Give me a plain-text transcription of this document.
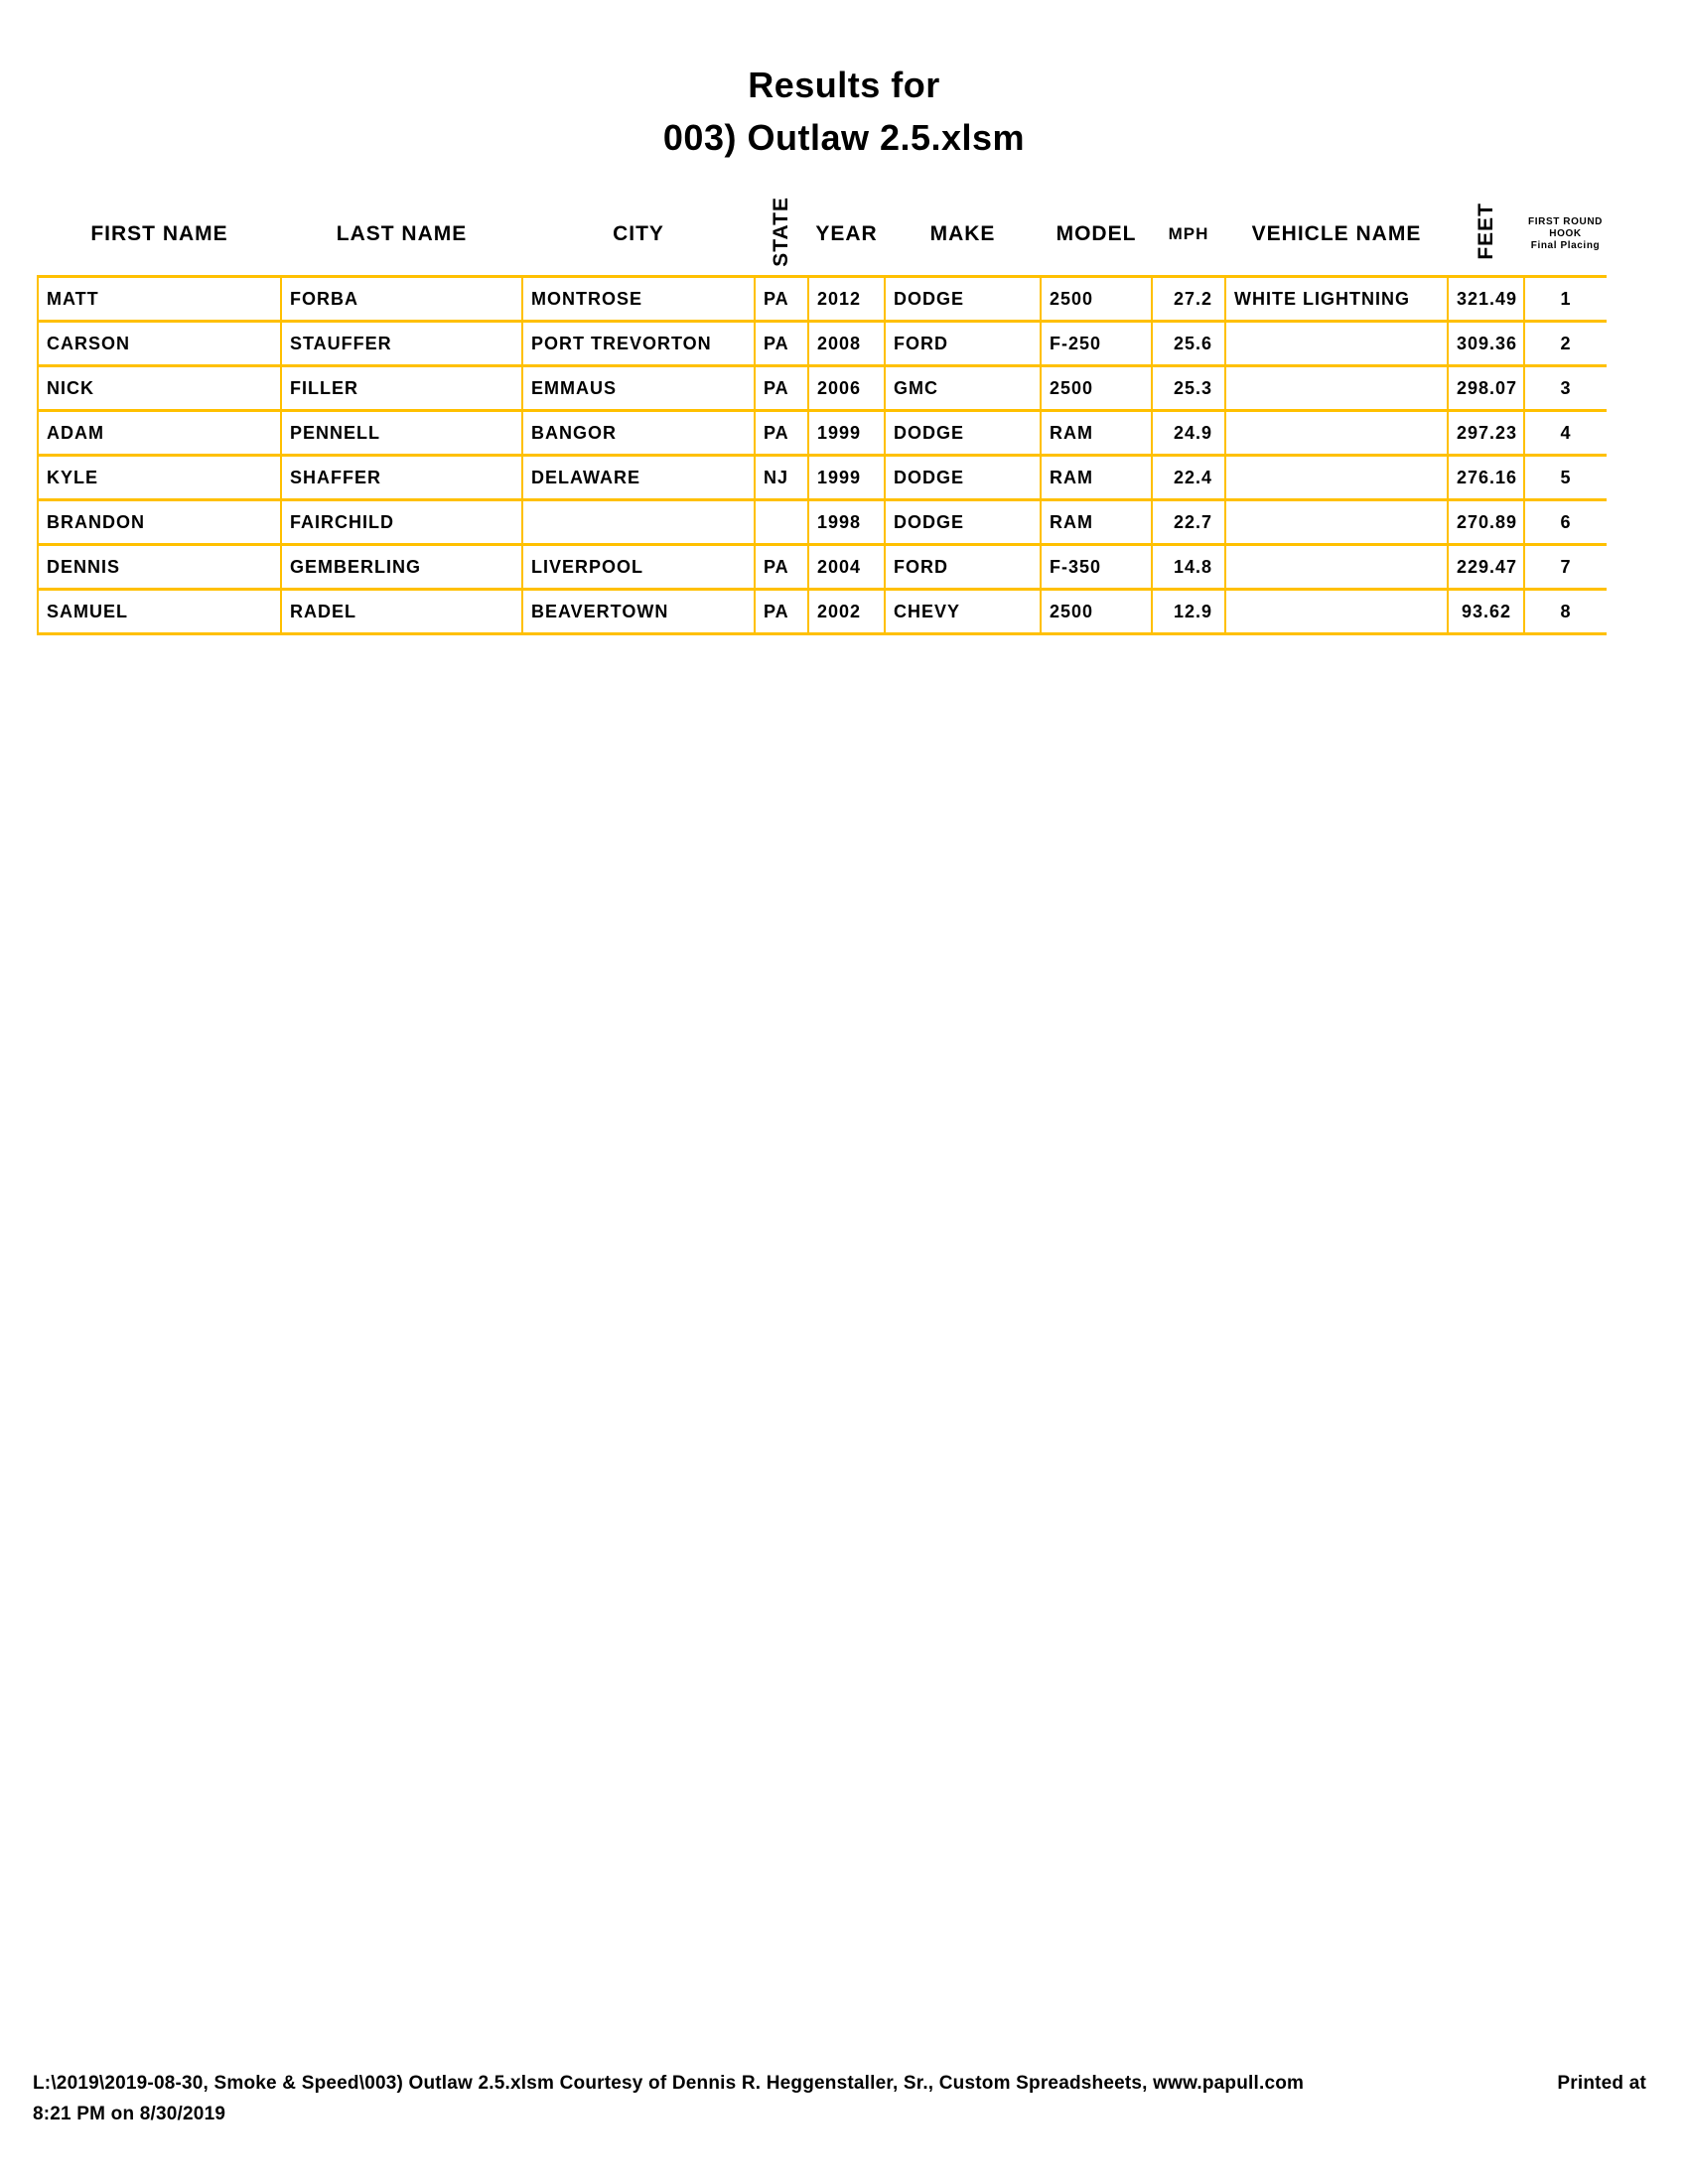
Results for
003) Outlaw 2.5.xlsm
FIRST NAME	LAST NAME	CITY	STATE	YEAR	MAKE	MODEL	MPH	VEHICLE NAME	FEET	FIRST ROUND
HOOK
Final Placing

MATT	FORBA	MONTROSE	PA	2012	DODGE	2500	27.2	WHITE LIGHTNING	321.49	1
CARSON	STAUFFER	PORT TREVORTON	PA	2008	FORD	F-250	25.6		309.36	2
NICK	FILLER	EMMAUS	PA	2006	GMC	2500	25.3		298.07	3
ADAM	PENNELL	BANGOR	PA	1999	DODGE	RAM	24.9		297.23	4
KYLE	SHAFFER	DELAWARE	NJ	1999	DODGE	RAM	22.4		276.16	5
BRANDON	FAIRCHILD			1998	DODGE	RAM	22.7		270.89	6
DENNIS	GEMBERLING	LIVERPOOL	PA	2004	FORD	F-350	14.8		229.47	7
SAMUEL	RADEL	BEAVERTOWN	PA	2002	CHEVY	2500	12.9		93.62	8
L:\2019\2019-08-30, Smoke & Speed\003) Outlaw 2.5.xlsm Courtesy of Dennis R. Heggenstaller, Sr., Custom Spreadsheets, www.papull.com	Printed at
8:21 PM on 8/30/2019
